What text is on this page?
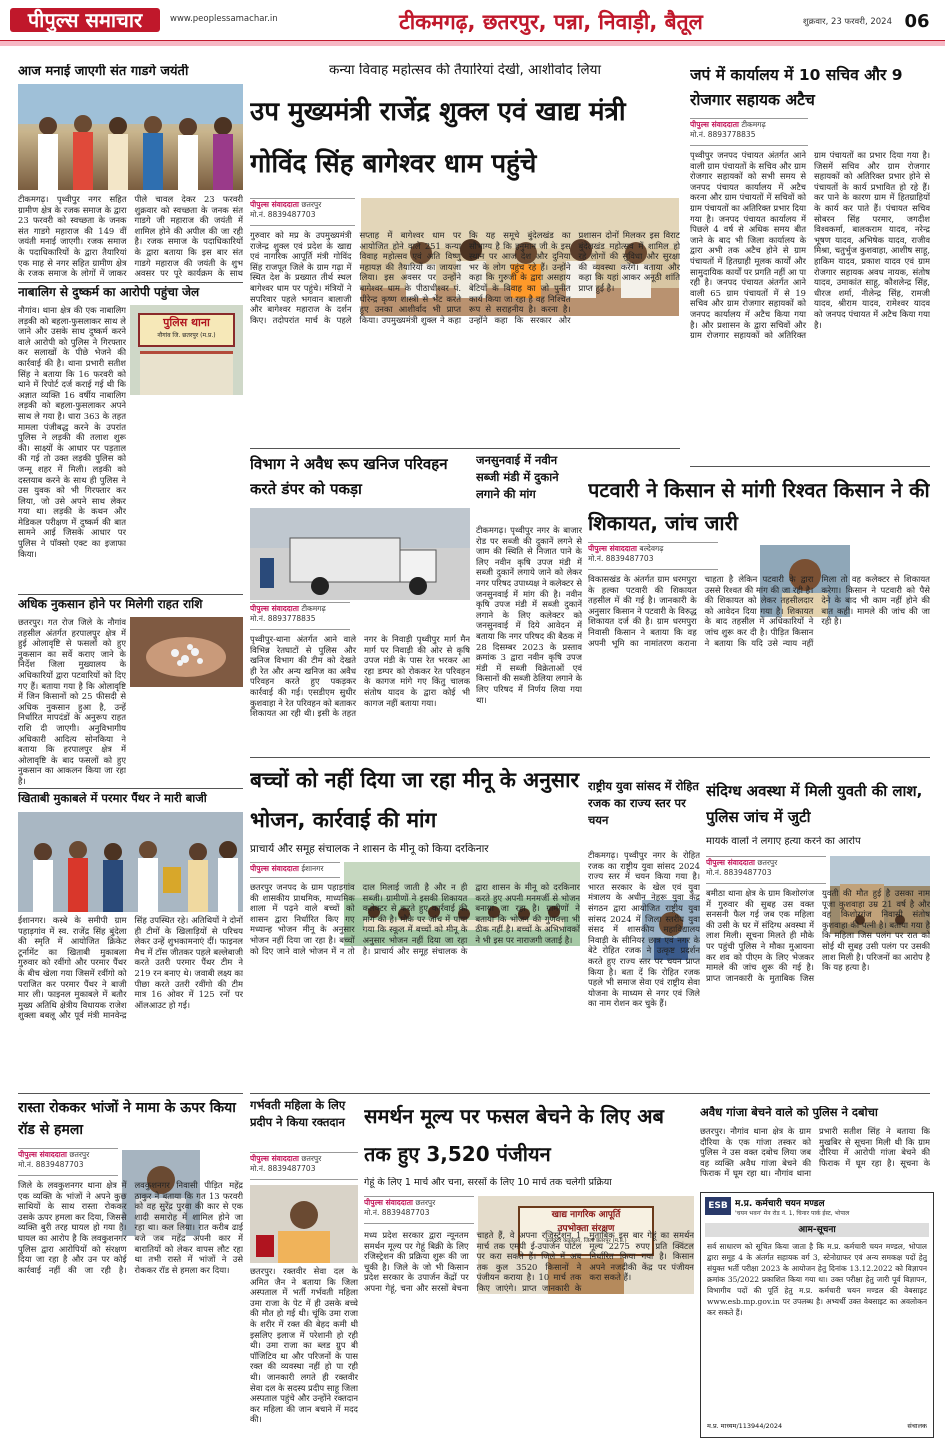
पीपुल्स समाचार	www.peoplessamachar.in	टीकमगढ़, छतरपुर, पन्ना, निवाड़ी, बैतूल	शुक्रवार, 23 फरवरी, 2024 06
आज मनाई जाएगी संत गाडगे जयंती
टीकमगढ़। पृथ्वीपुर नगर सहित ग्रामीण क्षेत्र के रजक समाज के द्वारा 23 फरवरी को स्वच्छता के जनक संत गाडगे महाराज की 149 वीं जयंती मनाई जाएगी। रजक समाज के पदाधिकारियों के द्वारा तैयारियां एक माह से नगर सहित ग्रामीण क्षेत्र के रजक समाज के लोगों में जाकर पीले चावल देकर 23 फरवरी शुक्रवार को स्वच्छता के जनक संत गाडगे जी महाराज की जयंती में शामिल होने की अपील की जा रही है। रजक समाज के पदाधिकारियों के द्वारा बताया कि इस बार संत गाडगे महाराज की जयंती के शुभ अवसर पर पूरे कार्यक्रम के साथ
नाबालिग से दुष्कर्म का आरोपी पहुंचा जेल
पुलिस थाना
नौगांव जि. छतरपुर (म.प्र.)
नौगांव। थाना क्षेत्र की एक नाबालिग लड़की को बहला-फुसलाकर साथ ले जाने और उसके साथ दुष्कर्म करने वाले आरोपी को पुलिस ने गिरफ्तार कर सलाखों के पीछे भेजने की कार्रवाई की है। थाना प्रभारी सतीश सिंह ने बताया कि 16 फरवरी को थाने में रिपोर्ट दर्ज कराई गई थी कि अज्ञात व्यक्ति 16 वर्षीय नाबालिग लड़की को बहला-फुसलाकर अपने साथ ले गया है। धारा 363 के तहत मामला पंजीबद्ध करने के उपरांत पुलिस ने लड़की की तलाश शुरू की। साक्ष्यों के आधार पर पड़ताल की गई तो उक्त लड़की पुलिस को जन्मू शहर में मिली। लड़की को दस्तयाब करने के साथ ही पुलिस ने उस युवक को भी गिरफ्तार कर लिया, जो उसे अपने साथ लेकर गया था। लड़की के कथन और मेडिकल परीक्षण में दुष्कर्म की बात सामने आई जिसके आधार पर पुलिस ने पॉक्सो एक्ट का इजाफा किया।
अधिक नुकसान होने पर मिलेगी राहत राशि
छतरपुर। गत रोज जिले के नौगांव तहसील अंतर्गत हरपालपुर क्षेत्र में हुई ओलावृष्टि से फसलों को हुए नुकसान का सर्वे कराए जाने के निर्देश जिला मुख्यालय के अधिकारियों द्वारा पटवारियों को दिए गए हैं। बताया गया है कि ओलावृष्टि में जिन किसानों को 25 फीसदी से अधिक नुकसान हुआ है, उन्हें निर्धारित मापदंडों के अनुरूप राहत राशि दी जाएगी। अनुविभागीय अधिकारी आदित्य सोनकिया ने बताया कि हरपालपुर क्षेत्र में ओलावृष्टि के बाद फसलों को हुए नुकसान का आकलन किया जा रहा है।
कन्या विवाह महोत्सव की तैयारियां देखी, आशीर्वाद लिया
उप मुख्यमंत्री राजेंद्र शुक्ल एवं खाद्य मंत्री गोविंद सिंह बागेश्वर धाम पहुंचे
पीपुल्स संवाददाता छतरपुर
मो.नं. 8839487703
गुरुवार को मप्र के उपमुख्यमंत्री राजेन्द्र शुक्ल एवं प्रदेश के खाद्य एवं नागरिक आपूर्ति मंत्री गोविंद सिंह राजपूत जिले के ग्राम गढ़ा में स्थित देश के प्रख्यात तीर्थ स्थल बागेश्वर धाम पर पहुंचे। मंत्रियों ने सपरिवार पहले भगवान बालाजी और बागेश्वर महाराज के दर्शन किए। तदोपरांत मार्च के पहले सप्ताह में बागेश्वर धाम पर आयोजित होने वाले 251 कन्या विवाह महोत्सव एवं अति विष्णु महायज्ञ की तैयारियों का जायजा लिया। इस अवसर पर उन्होंने बागेश्वर धाम के पीठाधीश्वर पं. धीरेन्द्र कृष्ण शास्त्री से भेंट करते हुए उनका आशीर्वाद भी प्राप्त किया। उपमुख्यमंत्री शुक्ल ने कहा कि यह समूचे बुंदेलखंड का सौभाग्य है कि हनुमान जी के इस स्थान पर आज देश और दुनिया भर के लोग पहुंच रहे हैं। उन्होंने कहा कि गुरुजी के द्वारा असहाय बेटियों के विवाह का जो पुनीत कार्य किया जा रहा है वह निश्चित रूप से सराहनीय है। करना है। उन्होंने कहा कि सरकार और प्रशासन दोनों मिलकर इस विराट बुंदेलखंड महोत्सव में शामिल हो रहे लोगों की सुविधा और सुरक्षा की व्यवस्था करेंगे। बताया और कहा कि यहां आकर अनूठी शांति प्राप्त हुई है।
जपं में कार्यालय में 10 सचिव और 9 रोजगार सहायक अटैच
पीपुल्स संवाददाता टीकमगढ़
मो.नं. 8893778835
पृथ्वीपुर जनपद पंचायत अंतर्गत आने वाली ग्राम पंचायतों के सचिव और ग्राम रोजगार सहायकों को सभी समय से जनपद पंचायत कार्यालय में अटैच करना और ग्राम पंचायतों में सचिवों को ग्राम पंचायतों का अतिरिक्त प्रभार दिया गया है। जनपद पंचायत कार्यालय में पिछले 4 वर्ष से अधिक समय बीत जाने के बाद भी जिला कार्यालय के द्वारा अभी तक अटैच होने से ग्राम पंचायतों में हितग्राही मूलक कार्यों और सामुदायिक कार्यों पर प्रगति नहीं आ पा रही है। जनपद पंचायत अंतर्गत आने वाली 65 ग्राम पंचायतों में से 19 सचिव और ग्राम रोजगार सहायकों को जनपद कार्यालय में अटैच किया गया है। और प्रशासन के द्वारा सचिवों और ग्राम रोजगार सहायकों को अतिरिक्त ग्राम पंचायतों का प्रभार दिया गया है। जिसमें सचिव और ग्राम रोजगार सहायकों को अतिरिक्त प्रभार होने से पंचायतों के कार्य प्रभावित हो रहे हैं। कर पाने के कारण ग्राम में हितग्राहियों के कार्य कर पाते हैं। पंचायत सचिव सोबरन सिंह परमार, जगदीश विश्वकर्मा, बालकराम यादव, नरेन्द्र भूषण यादव, अभिषेक यादव, राजीव मिश्रा, चतुर्भुज कुशवाहा, आशीष साहू, हाकिम यादव, प्रकाश यादव एवं ग्राम रोजगार सहायक अवध नायक, संतोष यादव, उमाकांत साहू, कौशलेन्द्र सिंह, धीरज शर्मा, नीलेन्द्र सिंह, रामजी यादव, श्रीराम यादव, रामेश्वर यादव को जनपद पंचायत में अटैच किया गया है।
विभाग ने अवैध रूप खनिज परिवहन करते डंपर को पकड़ा
पीपुल्स संवाददाता टीकमगढ़
मो.नं. 8893778835
पृथ्वीपुर-थाना अंतर्गत आने वाले विभिन्न रेतघाटों से पुलिस और खनिज विभाग की टीम को देखते ही रेत और अन्य खनिज का अवैध परिवहन करते हुए पकड़कर कार्रवाई की गई। एसडीएम सुधीर कुशवाहा ने रेत परिवहन को बताकर शिकायत आ रही थी। इसी के तहत नगर के निवाड़ी पृथ्वीपुर मार्ग मैन मार्ग पर निवाड़ी की ओर से कृषि उपज मंडी के पास रेत भरकर आ रहा डम्पर को रोककर रेत परिवहन के कागज मांगे गए किंतु चालक संतोष यादव के द्वारा कोई भी कागज नहीं बताया गया।
जनसुनवाई में नवीन सब्जी मंडी में दुकाने लगाने की मांग
टीकमगढ़। पृथ्वीपुर नगर के बाजार रोड पर सब्जी की दुकानें लगने से जाम की स्थिति से निजात पाने के लिए नवीन कृषि उपज मंडी में सब्जी दुकानें लगाये जाने को लेकर नगर परिषद उपाध्यक्ष ने कलेक्टर से जनसुनवाई में मांग की है। नवीन कृषि उपज मंडी में सब्जी दुकानें लगाने के लिए कलेक्टर को जनसुनवाई में दिये आवेदन में बताया कि नगर परिषद की बैठक में 28 दिसम्बर 2023 के प्रस्ताव क्रमांक 3 द्वारा नवीन कृषि उपज मंडी में सब्जी विक्रेताओं एवं किसानों की सब्जी ठेलिया लगाने के लिए परिषद में निर्णय लिया गया था।
पटवारी ने किसान से मांगी रिश्वत किसान ने की शिकायत, जांच जारी
पीपुल्स संवाददाता बल्देवगढ़
मो.नं. 8839487703
विकासखंड के अंतर्गत ग्राम धरमपुरा के हल्का पटवारी की शिकायत तहसील में की गई है। जानकारी के अनुसार किसान ने पटवारी के विरुद्ध शिकायत दर्ज की है। ग्राम धरमपुरा निवासी किसान ने बताया कि वह अपनी भूमि का नामांतरण कराना चाहता है लेकिन पटवारी के द्वारा उससे रिश्वत की मांग की जा रही है। की शिकायत को लेकर तहसीलदार को आवेदन दिया गया है। शिकायत के बाद तहसील में अधिकारियों ने जांच शुरू कर दी है। पीड़ित किसान ने बताया कि यदि उसे न्याय नहीं मिला तो वह कलेक्टर से शिकायत करेगा। किसान ने पटवारी को पैसे देने के बाद भी काम नहीं होने की बात कही। मामले की जांच की जा रही है।
खिताबी मुकाबले में परमार पैंथर ने मारी बाजी
ईशानगर। कस्बे के समीपी ग्राम पहाड़गांव में स्व. राजेंद्र सिंह बुंदेला की स्मृति में आयोजित क्रिकेट टूर्नामेंट का खिताबी मुकाबला गुरुवार को रवींगो और परमार पैंथर के बीच खेला गया जिसमें रवींगो को पराजित कर परमार पैंथर ने बाजी मार ली। फाइनल मुकाबले में बतौर मुख्य अतिथि क्षेत्रीय विधायक राजेश शुक्ला बबलू और पूर्व मंत्री मानवेन्द्र सिंह उपस्थित रहे। अतिथियों ने दोनों ही टीमों के खिलाड़ियों से परिचय लेकर उन्हें शुभकामनाएं दीं। फाइनल मैच में टॉस जीतकर पहले बल्लेबाजी करते उतरी परमार पैंथर टीम ने 219 रन बनाए थे। जवाबी लक्ष्य का पीछा करते उतरी रवींगो की टीम मात्र 16 ओवर में 125 रनों पर ऑलआउट हो गई।
बच्चों को नहीं दिया जा रहा मीनू के अनुसार भोजन, कार्रवाई की मांग
प्राचार्य और समूह संचालक ने शासन के मीनू को किया दरकिनार
पीपुल्स संवाददाता ईशानगर
छतरपुर जनपद के ग्राम पहाड़गांव की शासकीय प्राथमिक, माध्यमिक शाला में पढ़ने वाले बच्चों को शासन द्वारा निर्धारित किए गए मध्यान्ह भोजन मीनू के अनुसार भोजन नहीं दिया जा रहा है। बच्चों को दिए जाने वाले भोजन में न तो दाल मिलाई जाती है और न ही सब्जी। ग्रामीणों ने इसकी शिकायत कलेक्टर से करते हुए कार्रवाई की मांग की है। मौके पर जांच में पाया गया कि स्कूल में बच्चों को मीनू के अनुसार भोजन नहीं दिया जा रहा है। प्राचार्य और समूह संचालक के द्वारा शासन के मीनू को दरकिनार करते हुए अपनी मनमर्जी से भोजन बनाया जा रहा है। ग्रामीणों ने बताया कि भोजन की गुणवत्ता भी ठीक नहीं है। बच्चों के अभिभावकों ने भी इस पर नाराजगी जताई है।
राष्ट्रीय युवा सांसद में रोहित रजक का राज्य स्तर पर चयन
टीकमगढ़। पृथ्वीपुर नगर के रोहित रजक का राष्ट्रीय युवा सांसद 2024 राज्य स्तर में चयन किया गया है। भारत सरकार के खेल एवं युवा मंत्रालय के अधीन नेहरू युवा केंद्र संगठन द्वारा आयोजित राष्ट्रीय युवा सांसद 2024 में जिला स्तरीय युवा संसद में शासकीय महाविद्यालय निवाड़ी के सीनियर छात्र एवं नगर के बेटे रोहित रजक ने उत्कृष्ट प्रदर्शन करते हुए राज्य स्तर पर चयन प्राप्त किया है। बता दें कि रोहित रजक पहले भी समाज सेवा एवं राष्ट्रीय सेवा योजना के माध्यम से नगर एवं जिले का नाम रोशन कर चुके हैं।
संदिग्ध अवस्था में मिली युवती की लाश, पुलिस जांच में जुटी
मायके वालों ने लगाए हत्या करने का आरोप
पीपुल्स संवाददाता छतरपुर
मो.नं. 8839487703
बमीठा थाना क्षेत्र के ग्राम किशोरगंज में गुरुवार की सुबह उस वक्त सनसनी फैल गई जब एक महिला की उसी के घर में संदिग्ध अवस्था में लाश मिली। सूचना मिलते ही मौके पर पहुंची पुलिस ने मौका मुआयना कर शव को पीएम के लिए भेजकर मामले की जांच शुरू की गई है। प्राप्त जानकारी के मुताबिक जिस युवती की मौत हुई है उसका नाम पूजा कुशवाहा उम्र 21 वर्ष है और वह किशोरगंज निवासी संतोष कुशवाहा की पत्नी है। बताया गया है कि महिला जिस पलंग पर रात को सोई थी सुबह उसी पलंग पर उसकी लाश मिली है। परिजनों का आरोप है कि यह हत्या है।
रास्ता रोककर भांजों ने मामा के ऊपर किया रॉड से हमला
पीपुल्स संवाददाता छतरपुर
मो.नं. 8839487703
जिले के लवकुशनगर थाना क्षेत्र में एक व्यक्ति के भांजों ने अपने कुछ साथियों के साथ रास्ता रोककर उसके ऊपर हमला कर दिया, जिससे व्यक्ति बुरी तरह घायल हो गया है। घायल का आरोप है कि लवकुशनगर पुलिस द्वारा आरोपियों को संरक्षण दिया जा रहा है और उन पर कोई कार्रवाई नहीं की जा रही है। लवकुशनगर निवासी पीड़ित महेंद्र ठाकुर ने बताया कि गत 13 फरवरी को वह सुरेंद्र पुरवा की कार से एक शादी समारोह में शामिल होने जा रहा था। कल लिया। रात करीब ढाई बजे जब महेंद्र अपनी कार में बारातियों को लेकर वापस लौट रहा था तभी रास्ते में भांजों ने उसे रोककर रॉड से हमला कर दिया।
गर्भवती महिला के लिए प्रदीप ने किया रक्तदान
पीपुल्स संवाददाता छतरपुर
मो.नं. 8839487703
छतरपुर। रक्तवीर सेवा दल के अमित जैन ने बताया कि जिला अस्पताल में भर्ती गर्भवती महिला उमा राजा के पेट में ही उसके बच्चे की मौत हो गई थी। चूंकि उमा राजा के शरीर में रक्त की बेहद कमी थी इसलिए इलाज में परेशानी हो रही थी। उमा राजा का ब्लड ग्रुप बी पॉजिटिव था और परिजनों के पास रक्त की व्यवस्था नहीं हो पा रही थी। जानकारी लगते ही रक्तवीर सेवा दल के सदस्य प्रदीप साहू जिला अस्पताल पहुंचे और उन्होंने रक्तदान कर महिला की जान बचाने में मदद की।
समर्थन मूल्य पर फसल बेचने के लिए अब तक हुए 3,520 पंजीयन
गेहूं के लिए 1 मार्च और चना, सरसों के लिए 10 मार्च तक चलेगी प्रक्रिया
पीपुल्स संवाददाता छतरपुर
मो.नं. 8839487703	खाद्य नागरिक आपूर्ति
उपभोक्ता संरक्षण
कलेक्टर कार्यालय, जिला छतरपुर (म.प्र.)
मध्य प्रदेश सरकार द्वारा न्यूनतम समर्थन मूल्य पर गेहूं बिक्री के लिए रजिस्ट्रेशन की प्रक्रिया शुरू की जा चुकी है। जिले के जो भी किसान प्रदेश सरकार के उपार्जन केंद्रों पर अपना गेहूं, चना और सरसों बेचना चाहते हैं, वे अपना रजिस्ट्रेशन 1 मार्च तक एमपी ई-उपार्जन पोर्टल पर करा सकते हैं। जिले में अब तक कुल 3520 किसानों ने पंजीयन कराया है। 10 मार्च तक किए जाएंगे। प्राप्त जानकारी के मुताबिक इस बार गेहूं का समर्थन मूल्य 2275 रुपए प्रति क्विंटल निर्धारित किया गया है। किसान अपने नजदीकी केंद्र पर पंजीयन करा सकते हैं।
अवैध गांजा बेचने वाले को पुलिस ने दबोचा
छतरपुर। नौगांव थाना क्षेत्र के ग्राम दौरिया के एक गांजा तस्कर को पुलिस ने उस वक्त दबोच लिया जब वह व्यक्ति अवैध गांजा बेचने की फिराक में घूम रहा था। नौगांव थाना प्रभारी सतीश सिंह ने बताया कि मुखबिर से सूचना मिली थी कि ग्राम दौरिया में आरोपी गांजा बेचने की फिराक में घूम रहा है। सूचना के
ESB म.प्र. कर्मचारी चयन मण्डल
'चयन भवन' मेन रोड नं. 1, चिनार पार्क ईस्ट, भोपाल
आम-सूचना
सर्व साधारण को सूचित किया जाता है कि म.प्र. कर्मचारी चयन मण्डल, भोपाल द्वारा समूह 4 के अंतर्गत सहायक वर्ग 3, स्टेनोग्राफर एवं अन्य समकक्ष पदों हेतु संयुक्त भर्ती परीक्षा 2023 के आयोजन हेतु दिनांक 13.12.2022 को विज्ञापन क्रमांक 35/2022 प्रकाशित किया गया था। उक्त परीक्षा हेतु जारी पूर्व विज्ञापन, विभागीय पदों की पूर्ति हेतु म.प्र. कर्मचारी चयन मण्डल की वेबसाइट www.esb.mp.gov.in पर उपलब्ध है। अभ्यर्थी उक्त वेबसाइट का अवलोकन कर सकते हैं।
म.प्र. माध्यम/113944/2024	संचालक
